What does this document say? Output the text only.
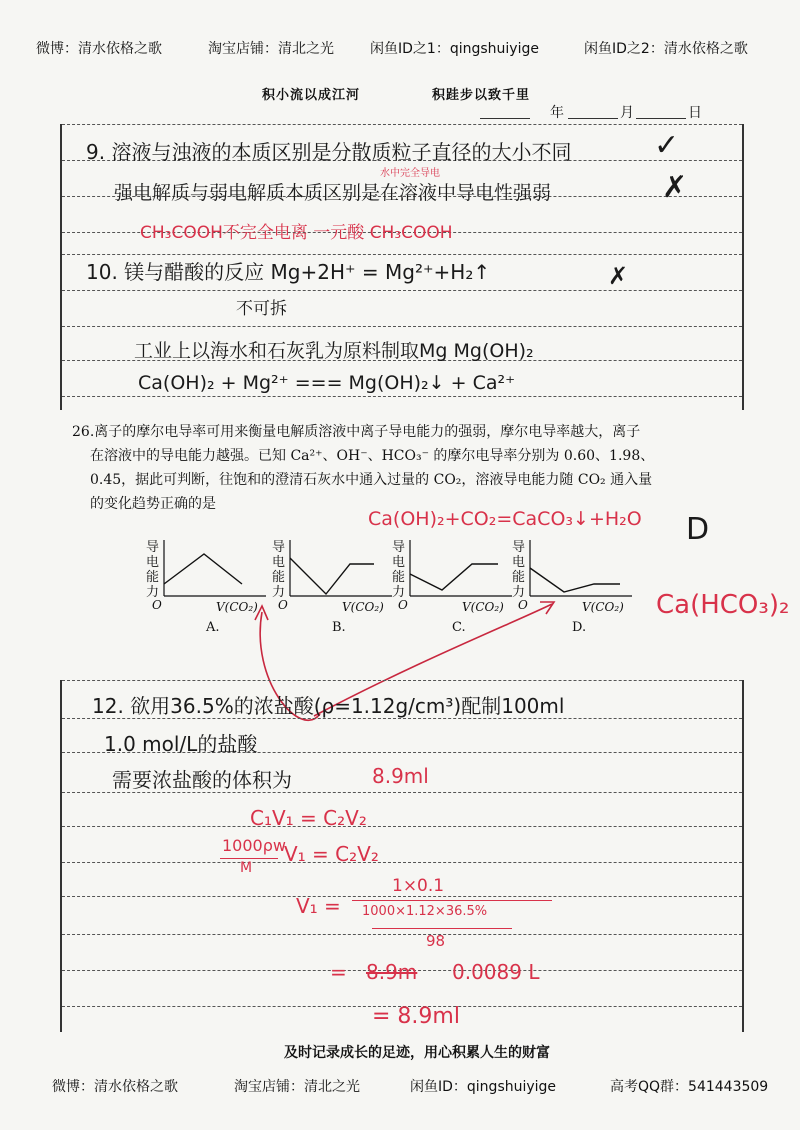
微博：清水依格之歌	淘宝店铺：清北之光	闲鱼ID之1：qingshuiyige	闲鱼ID之2：清水依格之歌
积小流以成江河	积跬步以致千里
年	月	日
9. 溶液与浊液的本质区别是分散质粒子直径的大小不同	✓
水中完全导电
强电解质与弱电解质本质区别是在溶液中导电性强弱	✗
CH₃COOH不完全电离 一元酸 CH₃COOH
10. 镁与醋酸的反应 Mg+2H⁺ = Mg²⁺+H₂↑	✗
不可拆
工业上以海水和石灰乳为原料制取Mg Mg(OH)₂
Ca(OH)₂ + Mg²⁺ === Mg(OH)₂↓ + Ca²⁺
26.离子的摩尔电导率可用来衡量电解质溶液中离子导电能力的强弱，摩尔电导率越大，离子
在溶液中的导电能力越强。已知 Ca²⁺、OH⁻、HCO₃⁻ 的摩尔电导率分别为 0.60、1.98、
0.45，据此可判断，往饱和的澄清石灰水中通入过量的 CO₂，溶液导电能力随 CO₂ 通入量
的变化趋势正确的是
Ca(OH)₂+CO₂=CaCO₃↓+H₂O D
Ca(HCO₃)₂
导电能力
O	V(CO₂)
A.
导电能力
O	V(CO₂)
B.
导电能力
O	V(CO₂)
C.
导电能力
O	V(CO₂)
D.
12. 欲用36.5%的浓盐酸(ρ=1.12g/cm³)配制100ml
1.0 mol/L的盐酸
需要浓盐酸的体积为	8.9ml
C₁V₁ = C₂V₂
1000ρw
M
V₁ = C₂V₂
V₁ =
1×0.1
1000×1.12×36.5%
98
= 8.9m 0.0089 L
= 8.9ml
及时记录成长的足迹，用心积累人生的财富
微博：清水依格之歌	淘宝店铺：清北之光	闲鱼ID：qingshuiyige	高考QQ群：541443509
